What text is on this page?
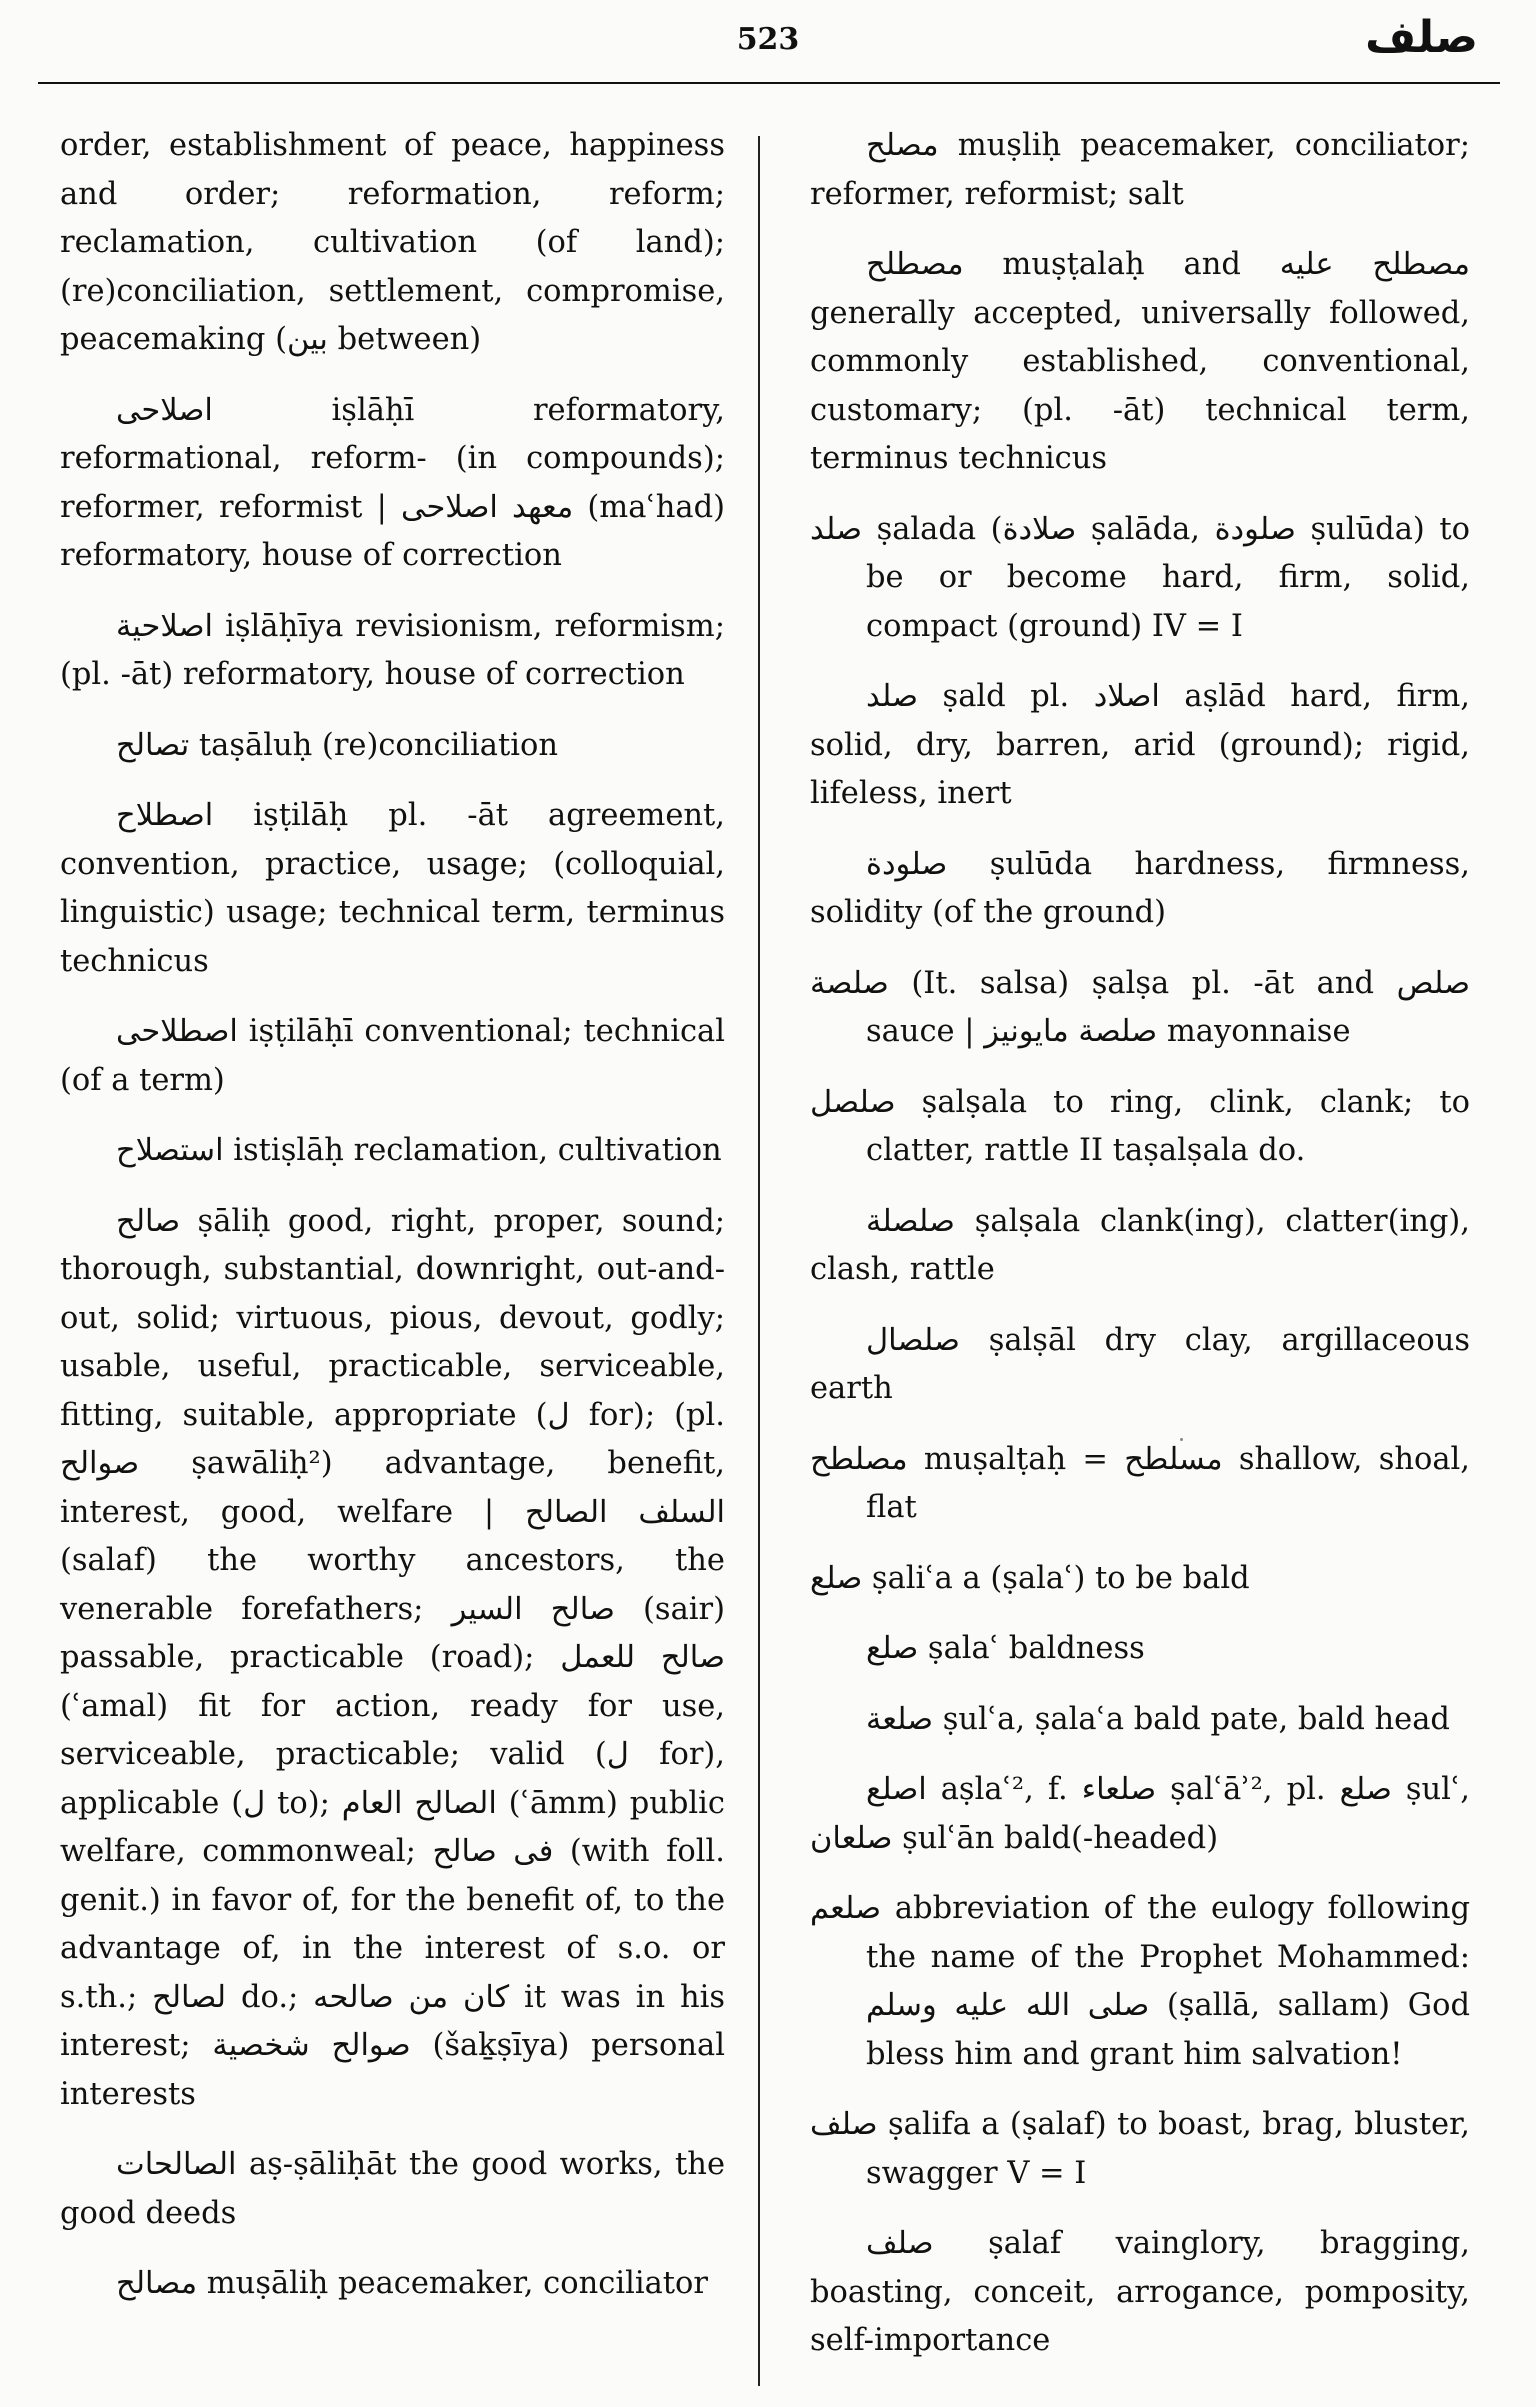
523	صلف

order, establishment of peace, happiness and order; reformation, reform; reclamation, cultivation (of land); (re)conciliation, settlement, compromise, peacemaking (بين between)

اصلاحى iṣlāḥī reformatory, reformational, reform- (in compounds); reformer, reformist | معهد اصلاحى (maʿhad) reformatory, house of correction

اصلاحية iṣlāḥīya revisionism, reformism; (pl. -āt) reformatory, house of correction

تصالح taṣāluḥ (re)conciliation

اصطلاح iṣṭilāḥ pl. -āt agreement, convention, practice, usage; (colloquial, linguistic) usage; technical term, terminus technicus

اصطلاحى iṣṭilāḥī conventional; technical (of a term)

استصلاح istiṣlāḥ reclamation, cultivation

صالح ṣāliḥ good, right, proper, sound; thorough, substantial, downright, out-and-out, solid; virtuous, pious, devout, godly; usable, useful, practicable, serviceable, fitting, suitable, appropriate (ل for); (pl. صوالح ṣawāliḥ²) advantage, benefit, interest, good, welfare | السلف الصالح (salaf) the worthy ancestors, the venerable forefathers; صالح السير (sair) passable, practicable (road); صالح للعمل (ʿamal) fit for action, ready for use, serviceable, practicable; valid (ل for), applicable (ل to); الصالح العام (ʿāmm) public welfare, commonweal; فى صالح (with foll. genit.) in favor of, for the benefit of, to the advantage of, in the interest of s.o. or s.th.; لصالح do.; كان من صالحه it was in his interest; صوالح شخصية (šaḵṣīya) personal interests

الصالحات aṣ-ṣāliḥāt the good works, the good deeds

مصالح muṣāliḥ peacemaker, conciliator

مصلح muṣliḥ peacemaker, conciliator; reformer, reformist; salt

مصطلح muṣṭalaḥ and مصطلح عليه generally accepted, universally followed, commonly established, conventional, customary; (pl. -āt) technical term, terminus technicus

صلد ṣalada (صلادة ṣalāda, صلودة ṣulūda) to be or become hard, firm, solid, compact (ground) IV = I

صلد ṣald pl. اصلاد aṣlād hard, firm, solid, dry, barren, arid (ground); rigid, lifeless, inert

صلودة ṣulūda hardness, firmness, solidity (of the ground)

صلصة (It. salsa) ṣalṣa pl. -āt and صلص sauce | صلصة مايونيز mayonnaise

صلصل ṣalṣala to ring, clink, clank; to clatter, rattle II taṣalṣala do.

صلصلة ṣalṣala clank(ing), clatter(ing), clash, rattle

صلصال ṣalṣāl dry clay, argillaceous earth

مصلطح muṣalṭaḥ = مسلطح shallow, shoal, flat

صلع ṣaliʿa a (ṣalaʿ) to be bald

صلع ṣalaʿ baldness

صلعة ṣulʿa, ṣalaʿa bald pate, bald head

اصلع aṣlaʿ², f. صلعاء ṣalʿāʾ², pl. صلع ṣulʿ, صلعان ṣulʿān bald(-headed)

صلعم abbreviation of the eulogy following the name of the Prophet Mohammed: صلى الله عليه وسلم (ṣallā, sallam) God bless him and grant him salvation!

صلف ṣalifa a (ṣalaf) to boast, brag, bluster, swagger V = I

صلف ṣalaf vainglory, bragging, boasting, conceit, arrogance, pomposity, self-importance
